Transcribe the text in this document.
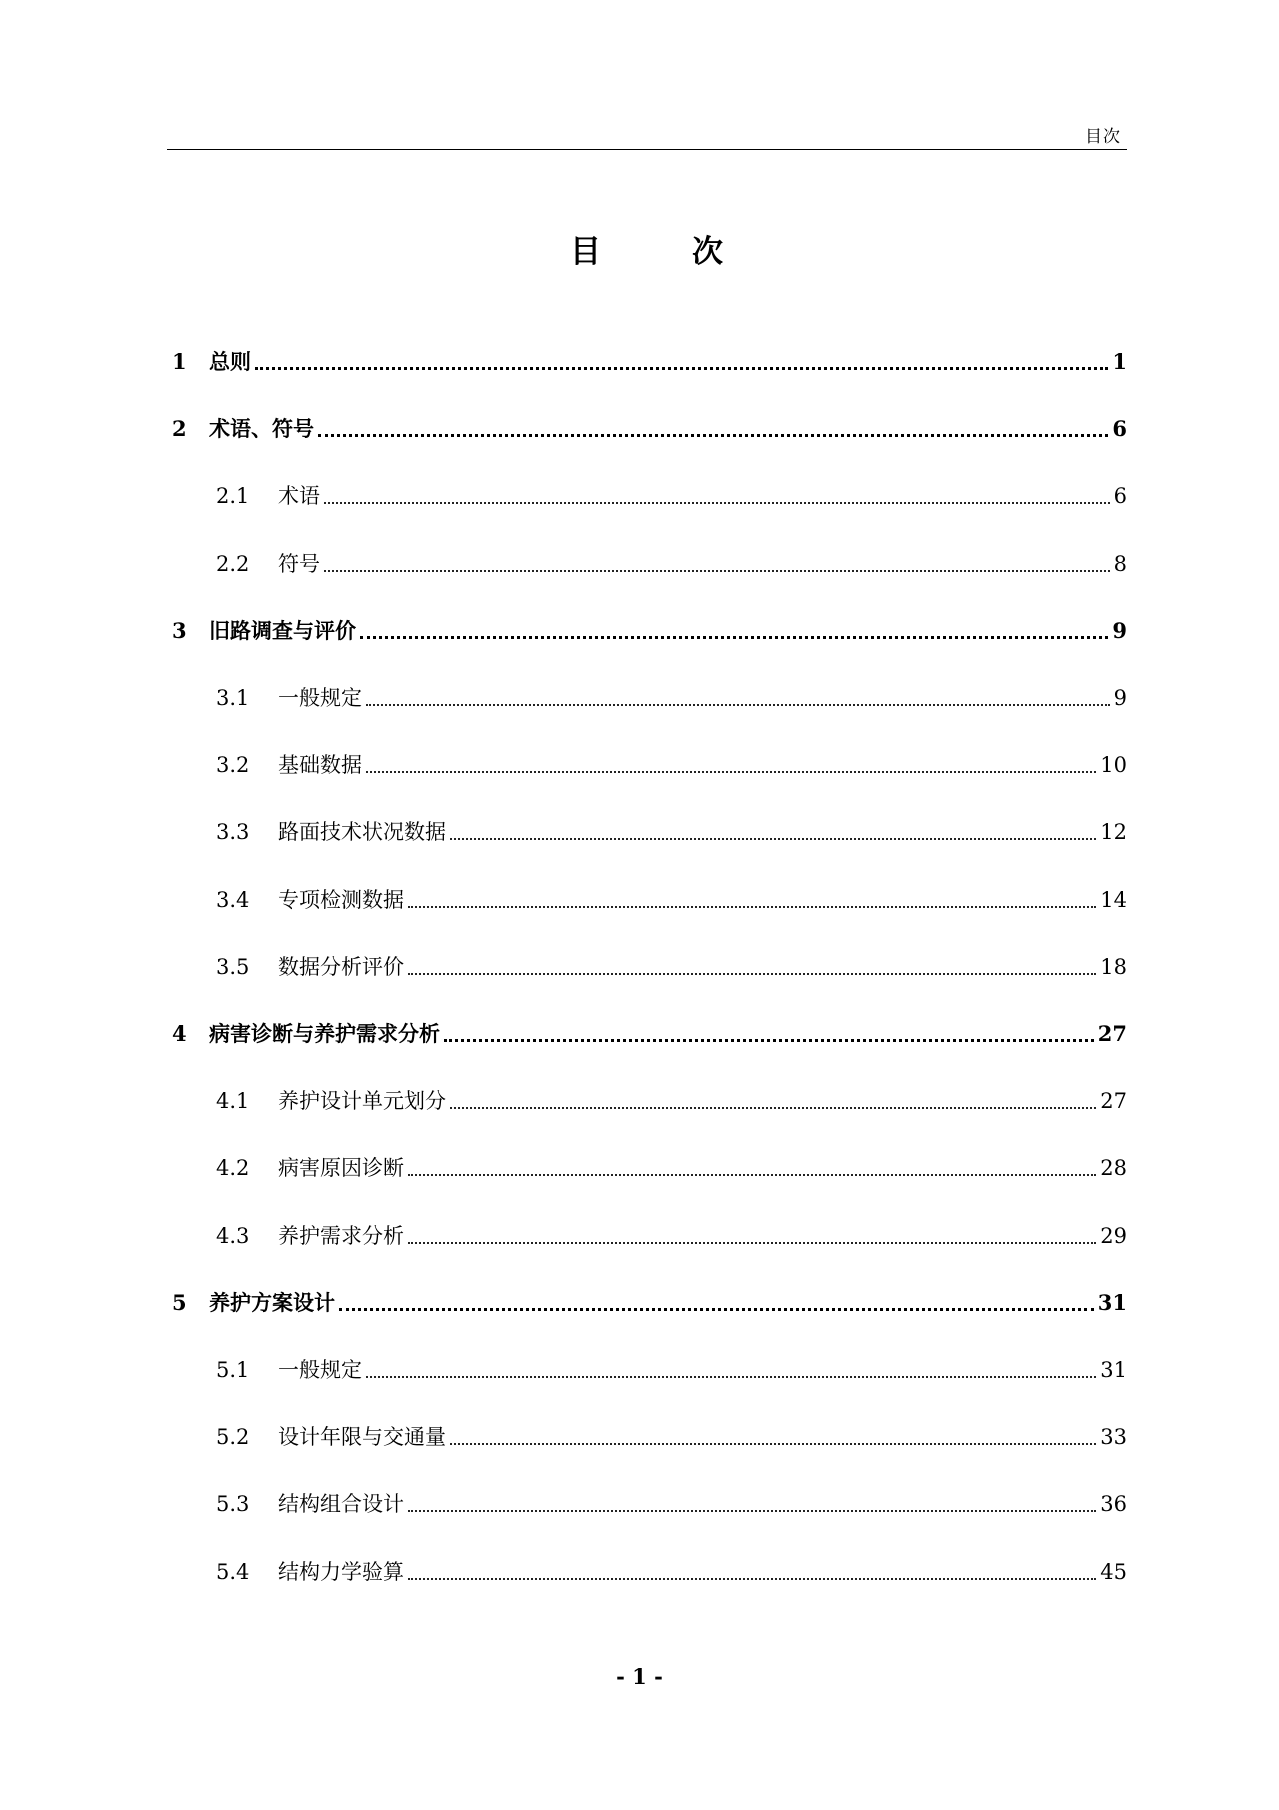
目次
目　次
1	总则	1
2	术语、符号	6
2.1	术语	6
2.2	符号	8
3	旧路调查与评价	9
3.1	一般规定	9
3.2	基础数据	10
3.3	路面技术状况数据	12
3.4	专项检测数据	14
3.5	数据分析评价	18
4	病害诊断与养护需求分析	27
4.1	养护设计单元划分	27
4.2	病害原因诊断	28
4.3	养护需求分析	29
5	养护方案设计	31
5.1	一般规定	31
5.2	设计年限与交通量	33
5.3	结构组合设计	36
5.4	结构力学验算	45
- 1 -
